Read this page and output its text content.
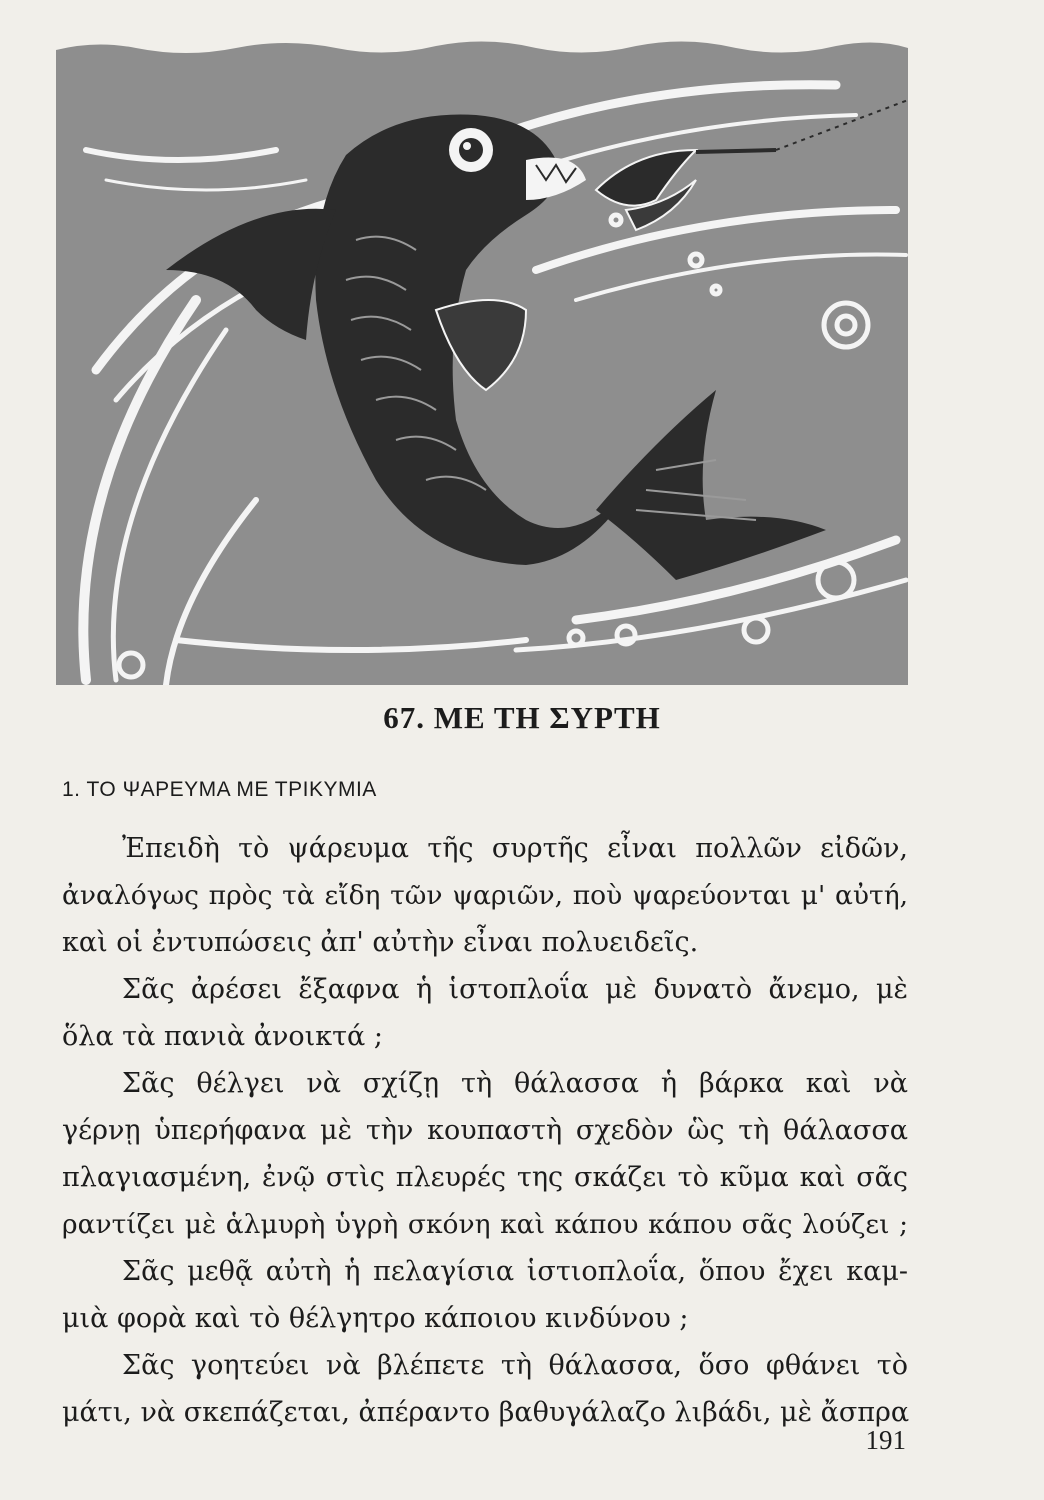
67. ΜΕ ΤΗ ΣΥΡΤΗ
1. ΤΟ ΨΑΡΕΥΜΑ ΜΕ ΤΡΙΚΥΜΙΑ
Ἐπειδὴ τὸ ψάρευμα τῆς συρτῆς εἶναι πολλῶν εἰδῶν,
ἀναλόγως πρὸς τὰ εἴδη τῶν ψαριῶν, ποὺ ψαρεύονται μ' αὐτή,
καὶ οἱ ἐντυπώσεις ἀπ' αὐτὴν εἶναι πολυειδεῖς.
Σᾶς ἀρέσει ἔξαφνα ἡ ἱστοπλοΐα μὲ δυνατὸ ἄνεμο, μὲ
ὅλα τὰ πανιὰ ἀνοικτά ;
Σᾶς θέλγει νὰ σχίζῃ τὴ θάλασσα ἡ βάρκα καὶ νὰ
γέρνῃ ὑπερήφανα μὲ τὴν κουπαστὴ σχεδὸν ὣς τὴ θάλασσα
πλαγιασμένη, ἐνῷ στὶς πλευρές της σκάζει τὸ κῦμα καὶ σᾶς
ραντίζει μὲ ἁλμυρὴ ὑγρὴ σκόνη καὶ κάπου κάπου σᾶς λούζει ;
Σᾶς μεθᾷ αὐτὴ ἡ πελαγίσια ἱστιοπλοΐα, ὅπου ἔχει καμ-
μιὰ φορὰ καὶ τὸ θέλγητρο κάποιου κινδύνου ;
Σᾶς γοητεύει νὰ βλέπετε τὴ θάλασσα, ὅσο φθάνει τὸ
μάτι, νὰ σκεπάζεται, ἀπέραντο βαθυγάλαζο λιβάδι, μὲ ἄσπρα
191
